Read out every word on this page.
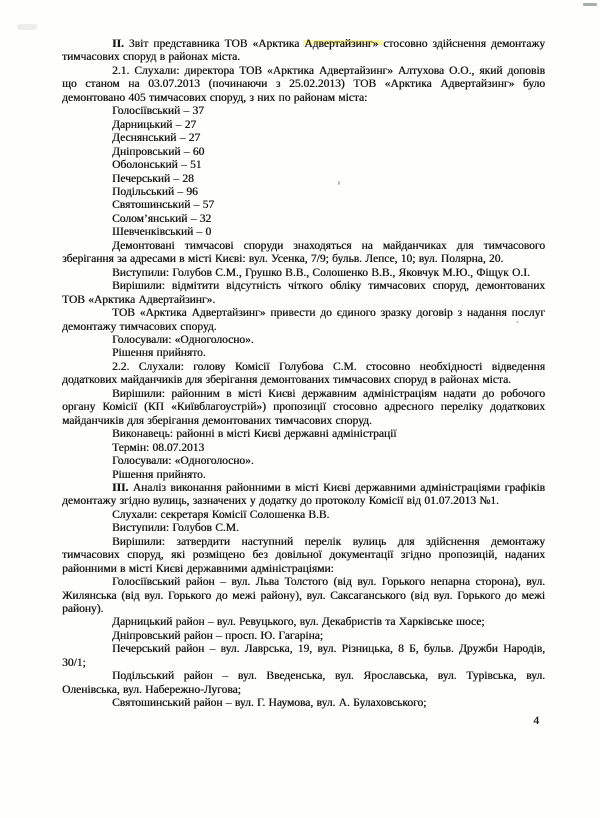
II. Звіт представника ТОВ «Арктика Адвертайзинг» стосовно здійснення демонтажу тимчасових споруд в районах міста.

2.1. Слухали: директора ТОВ «Арктика Адвертайзинг» Алтухова О.О., який доповів що станом на 03.07.2013 (починаючи з 25.02.2013) ТОВ «Арктика Адвертайзинг» було демонтовано 405 тимчасових споруд, з них по районам міста:

Голосіївський – 37
Дарницький – 27
Деснянський – 27
Дніпровський – 60
Оболонський – 51
Печерський – 28
Подільський – 96
Святошинський – 57
Солом’янський – 32
Шевченківський – 0

Демонтовані тимчасові споруди знаходяться на майданчиках для тимчасового зберігання за адресами в місті Києві: вул. Усенка, 7/9; бульв. Лепсе, 10; вул. Полярна, 20.

Виступили: Голубов С.М., Грушко В.В., Солошенко В.В., Яковчук М.Ю., Фіщук О.І.

Вирішили: відмітити відсутність чіткого обліку тимчасових споруд, демонтованих ТОВ «Арктика Адвертайзинг».

ТОВ «Арктика Адвертайзинг» привести до єдиного зразку договір з надання послуг демонтажу тимчасових споруд.

Голосували: «Одноголосно».

Рішення прийнято.

2.2. Слухали: голову Комісії Голубова С.М. стосовно необхідності відведення додаткових майданчиків для зберігання демонтованих тимчасових споруд в районах міста.

Вирішили: районним в місті Києві державним адміністраціям надати до робочого органу Комісії (КП «Київблагоустрій») пропозиції стосовно адресного переліку додаткових майданчиків для зберігання демонтованих тимчасових споруд.

Виконавець: районні в місті Києві державні адміністрації

Термін: 08.07.2013

Голосували: «Одноголосно».

Рішення прийнято.

III. Аналіз виконання районними в місті Києві державними адміністраціями графіків демонтажу згідно вулиць, зазначених у додатку до протоколу Комісії від 01.07.2013 №1.

Слухали: секретаря Комісії Солошенка В.В.

Виступили: Голубов С.М.

Вирішили: затвердити наступний перелік вулиць для здійснення демонтажу тимчасових споруд, які розміщено без довільної документації згідно пропозицій, наданих районними в місті Києві державними адміністраціями:

Голосіївський район – вул. Льва Толстого (від вул. Горького непарна сторона), вул. Жилянська (від вул. Горького до межі району), вул. Саксаганського (від вул. Горького до межі району).

Дарницький район – вул. Ревуцького, вул. Декабристів та Харківське шосе;

Дніпровський район – просп. Ю. Гагаріна;

Печерський район – вул. Лаврська, 19, вул. Різницька, 8 Б, бульв. Дружби Народів, 30/1;

Подільський район – вул. Введенська, вул. Ярославська, вул. Турівська, вул. Оленівська, вул. Набережно-Лугова;

Святошинський район – вул. Г. Наумова, вул. А. Булаховського;

4
